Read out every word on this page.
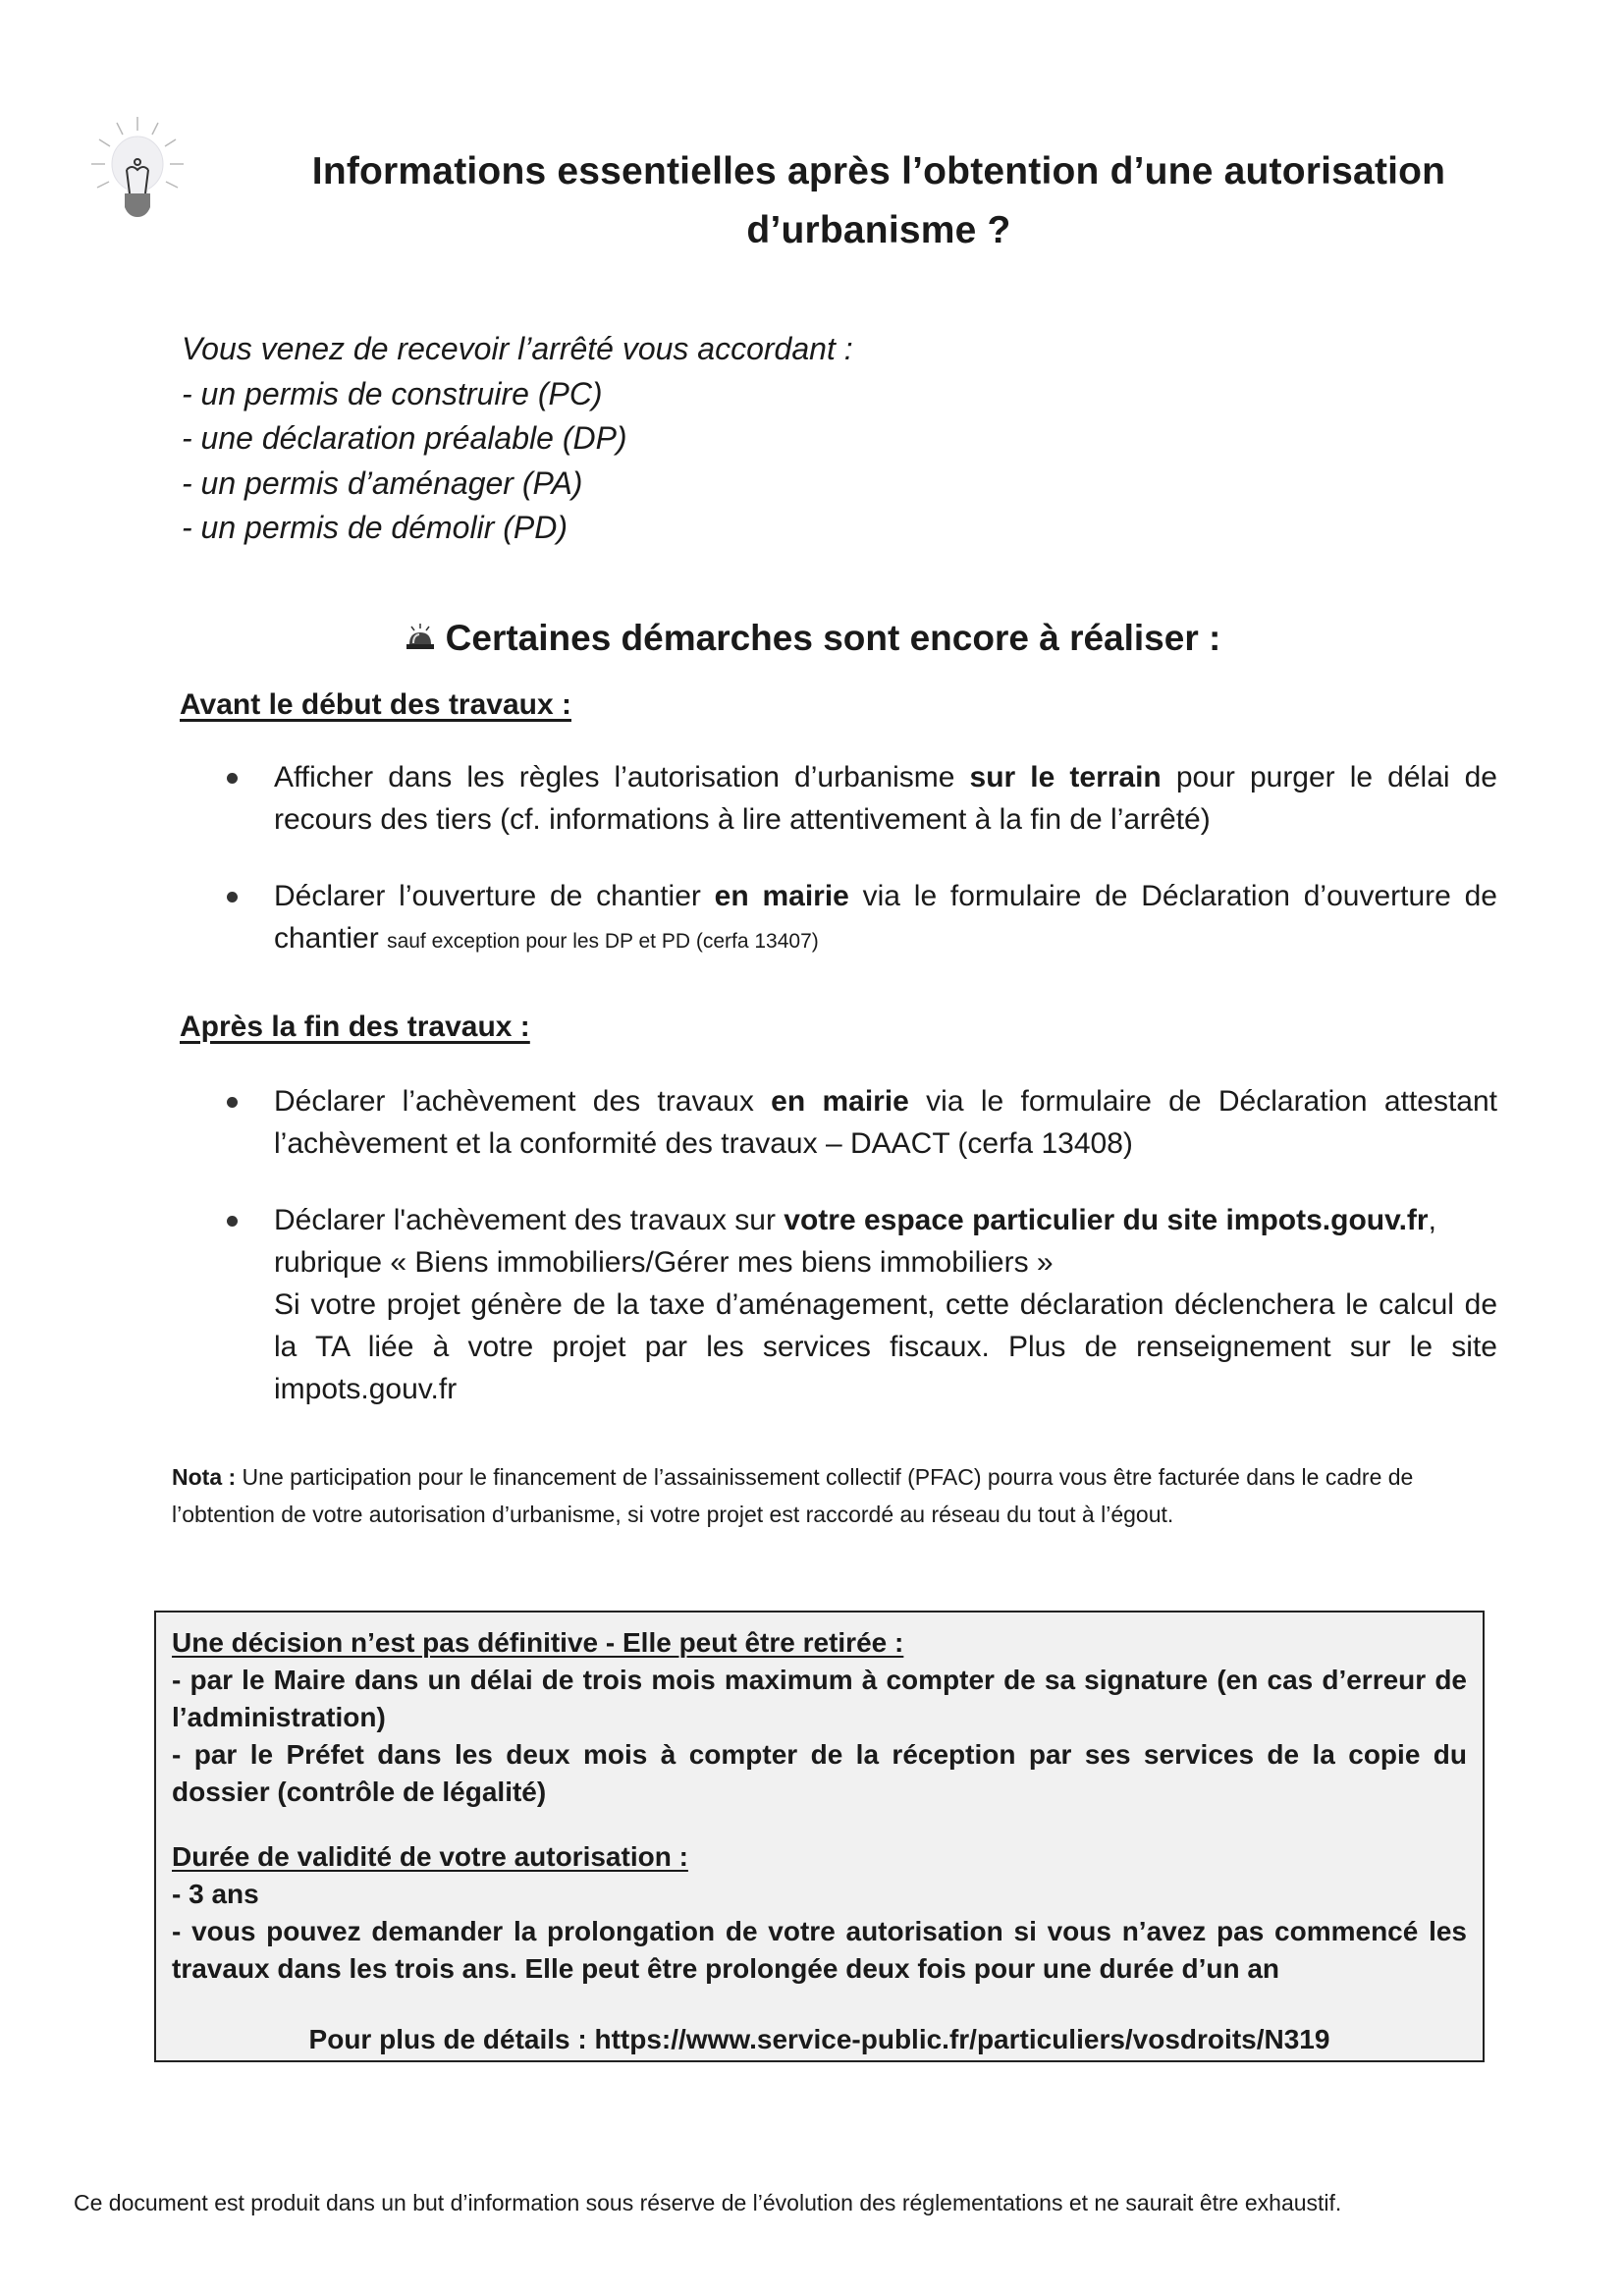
Informations essentielles après l’obtention d’une autorisation
d’urbanisme ?
Vous venez de recevoir l’arrêté vous accordant :
- un permis de construire (PC)
- une déclaration préalable (DP)
- un permis d’aménager (PA)
- un permis de démolir (PD)
Certaines démarches sont encore à réaliser :
Avant le début des travaux :
Afficher dans les règles l’autorisation d’urbanisme sur le terrain pour purger le délai de recours des tiers (cf. informations à lire attentivement à la fin de l’arrêté)
Déclarer l’ouverture de chantier en mairie via le formulaire de Déclaration d’ouverture de chantier sauf exception pour les DP et PD (cerfa 13407)
Après la fin des travaux :
Déclarer l’achèvement des travaux en mairie via le formulaire de Déclaration attestant l’achèvement et la conformité des travaux – DAACT (cerfa 13408)
Déclarer l'achèvement des travaux sur votre espace particulier du site impots.gouv.fr, rubrique « Biens immobiliers/Gérer mes biens immobiliers »
Si votre projet génère de la taxe d’aménagement, cette déclaration déclenchera le calcul de la TA liée à votre projet par les services fiscaux. Plus de renseignement sur le site impots.gouv.fr
Nota : Une participation pour le financement de l’assainissement collectif (PFAC) pourra vous être facturée dans le cadre de l’obtention de votre autorisation d’urbanisme, si votre projet est raccordé au réseau du tout à l’égout.
Une décision n’est pas définitive - Elle peut être retirée :
- par le Maire dans un délai de trois mois maximum à compter de sa signature (en cas d’erreur de l’administration)
- par le Préfet dans les deux mois à compter de la réception par ses services de la copie du dossier (contrôle de légalité)
Durée de validité de votre autorisation :
- 3 ans
- vous pouvez demander la prolongation de votre autorisation si vous n’avez pas commencé les travaux dans les trois ans. Elle peut être prolongée deux fois pour une durée d’un an
Pour plus de détails : https://www.service-public.fr/particuliers/vosdroits/N319
Ce document est produit dans un but d’information sous réserve de l’évolution des réglementations et ne saurait être exhaustif.
